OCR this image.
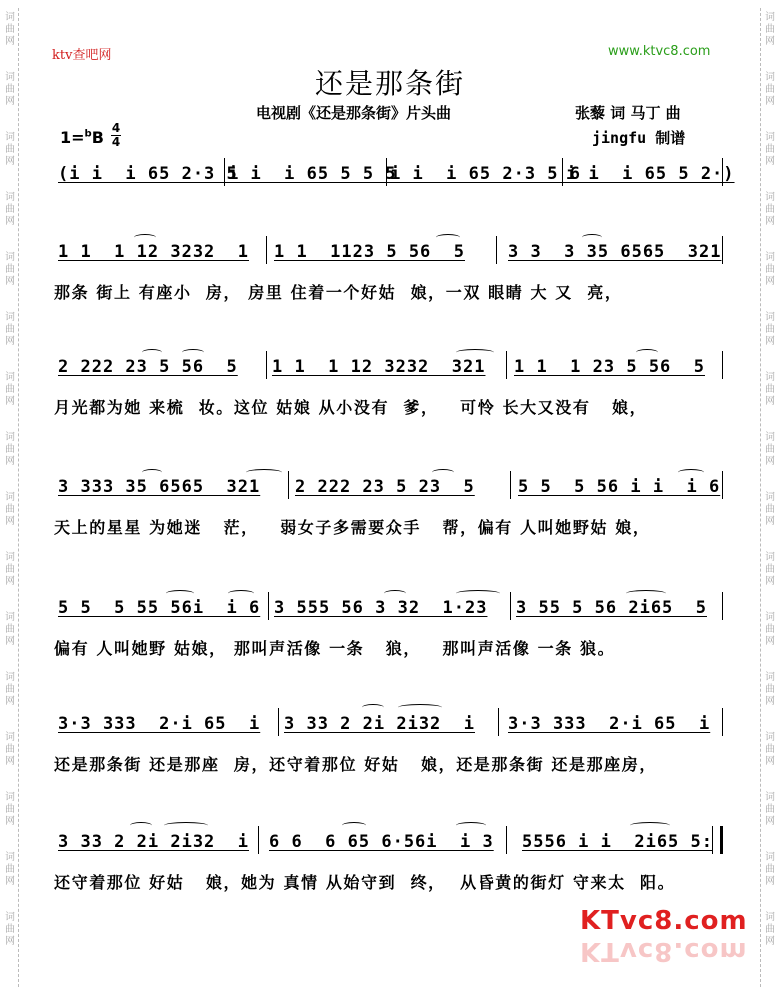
词
曲
网

词
曲
网

词
曲
网

词
曲
网

词
曲
网

词
曲
网

词
曲
网

词
曲
网

词
曲
网

词
曲
网

词
曲
网

词
曲
网

词
曲
网

词
曲
网

词
曲
网

词
曲
网
词
曲
网

词
曲
网

词
曲
网

词
曲
网

词
曲
网

词
曲
网

词
曲
网

词
曲
网

词
曲
网

词
曲
网

词
曲
网

词
曲
网

词
曲
网

词
曲
网

词
曲
网

词
曲
网
ktv查吧网	www.ktvc8.com
还是那条街
电视剧《还是那条街》片头曲	张藜 词 马丁 曲
jingfu 制谱
1=$^b$B 4
4
(i i  i 65 2·3 5
i i  i 65 5 5 5
i i  i 65 2·3 5 6
i i  i 65 5 2·)
1 1  1 12 3232  1	1 1  1123 5 56  5	3 3  3 35 6565  321
那条 街上 有座小  房， 房里 住着一个好姑  娘，一双 眼睛 大 又  亮，
2 222 23 5 56  5	1 1  1 12 3232  321	1 1  1 23 5 56  5
月光都为她 来梳  妆。这位 姑娘 从小没有  爹，   可怜 长大又没有   娘，
3 333 35 6565  321	2 222 23 5 23  5	5 5  5 56 i i  i 6
天上的星星 为她迷   茫，   弱女子多需要众手   帮，偏有 人叫她野姑 娘，
5 5  5 55 56i  i 6 3 555 56 3 32  1·23	3 55 5 56 2i65  5
偏有 人叫她野 姑娘， 那叫声活像 一条   狼，   那叫声活像 一条 狼。
3·3 333  2·i 65  i	3 33 2 2i 2i32  i	3·3 333  2·i 65  i
还是那条街 还是那座  房，还守着那位 好姑   娘，还是那条街 还是那座房，
3 33 2 2i 2i32  i 6 6  6 65 6·56i  i 3	5556 i i  2i65 5:
还守着那位 好姑   娘，她为 真情 从始守到  终，  从昏黄的街灯 守来太  阳。
KTvc8.com
KTvc8.com
